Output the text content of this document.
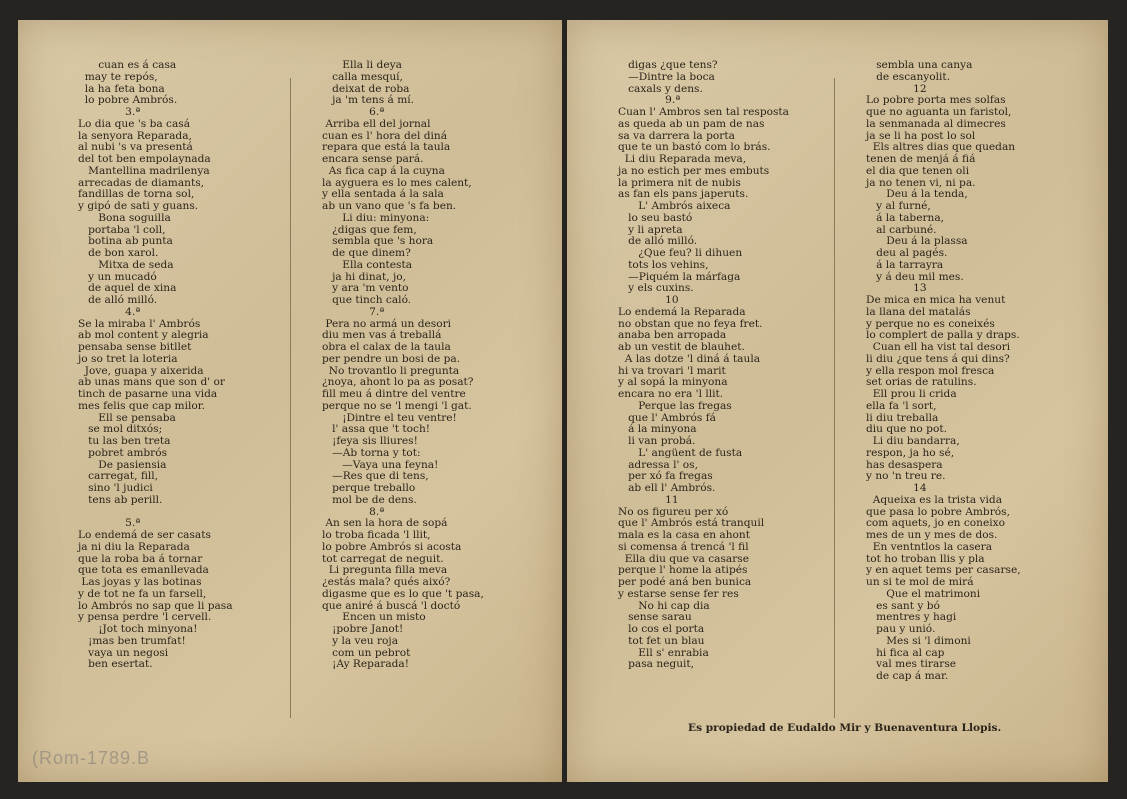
cuan es á casa
may te repós,
la ha feta bona
lo pobre Ambrós.
3.ª
Lo dia que 's ba casá
la senyora Reparada,
al nubi 's va presentá
del tot ben empolaynada
Mantellina madrilenya
arrecadas de diamants,
fandillas de torna sol,
y gipó de sati y guans.
Bona soguilla
portaba 'l coll,
botina ab punta
de bon xarol.
Mitxa de seda
y un mucadó
de aquel de xina
de alló milló.
4.ª
Se la miraba l' Ambrós
ab mol content y alegria
pensaba sense bitllet
jo so tret la loteria
Jove, guapa y aixerida
ab unas mans que son d' or
tinch de pasarne una vida
mes felis que cap milor.
Ell se pensaba
se mol ditxós;
tu las ben treta
pobret ambrós
De pasiensia
carregat, fill,
sino 'l judici
tens ab perill.
5.ª
Lo endemá de ser casats
ja ni diu la Reparada
que la roba ba á tornar
que tota es emanllevada
Las joyas y las botinas
y de tot ne fa un farsell,
lo Ambrós no sap que li pasa
y pensa perdre 'l cervell.
¡Jot toch minyona!
¡mas ben trumfat!
vaya un negosi
ben esertat.
Ella li deya
calla mesquí,
deixat de roba
ja 'm tens á mí.
6.ª
Arriba ell del jornal
cuan es l' hora del diná
repara que está la taula
encara sense pará.
As fica cap á la cuyna
la ayguera es lo mes calent,
y ella sentada á la sala
ab un vano que 's fa ben.
Li diu: minyona:
¿digas que fem,
sembla que 's hora
de que dinem?
Ella contesta
ja hi dinat, jo,
y ara 'm vento
que tinch caló.
7.ª
Pera no armá un desori
diu men vas á treballá
obra el calax de la taula
per pendre un bosi de pa.
No trovantlo li pregunta
¿noya, ahont lo pa as posat?
fill meu á dintre del ventre
perque no se 'l mengi 'l gat.
¡Dintre el teu ventre!
l' assa que 't toch!
¡feya sis lliures!
—Ab torna y tot:
—Vaya una feyna!
—Res que di tens,
perque treballo
mol be de dens.
8.ª
An sen la hora de sopá
lo troba ficada 'l llit,
lo pobre Ambrós si acosta
tot carregat de neguit.
Li pregunta filla meva
¿estás mala? qués aixó?
digasme que es lo que 't pasa,
que aniré á buscá 'l doctó
Encen un misto
¡pobre Janot!
y la veu roja
com un pebrot
¡Ay Reparada!
digas ¿que tens?
—Dintre la boca
caxals y dens.
9.ª
Cuan l' Ambros sen tal resposta
as queda ab un pam de nas
sa va darrera la porta
que te un bastó com lo brás.
Li diu Reparada meva,
ja no estich per mes embuts
la primera nit de nubis
as fan els pans japeruts.
L' Ambrós aixeca
lo seu bastó
y li apreta
de alló milló.
¿Que feu? li dihuen
tots los vehins,
—Piquém la márfaga
y els cuxins.
10
Lo endemá la Reparada
no obstan que no feya fret.
anaba ben arropada
ab un vestit de blauhet.
A las dotze 'l diná á taula
hi va trovari 'l marit
y al sopá la minyona
encara no era 'l llit.
Perque las fregas
que l' Ambrós fá
á la minyona
li van probá.
L' angüent de fusta
adressa l' os,
per xó fa fregas
ab ell l' Ambrós.
11
No os figureu per xó
que l' Ambrós está tranquil
mala es la casa en ahont
si comensa á trencá 'l fil
Ella diu que va casarse
perque l' home la atipés
per podé aná ben bunica
y estarse sense fer res
No hi cap dia
sense sarau
lo cos el porta
tot fet un blau
Ell s' enrabia
pasa neguit,
sembla una canya
de escanyolit.
12
Lo pobre porta mes solfas
que no aguanta un faristol,
la senmanada al dimecres
ja se li ha post lo sol
Els altres dias que quedan
tenen de menjá á fiá
el dia que tenen oli
ja no tenen vi, ni pa.
Deu á la tenda,
y al furné,
á la taberna,
al carbuné.
Deu á la plassa
deu al pagés.
á la tarrayra
y á deu mil mes.
13
De mica en mica ha venut
la llana del matalás
y perque no es coneixés
lo complert de palla y draps.
Cuan ell ha vist tal desori
li diu ¿que tens á qui dins?
y ella respon mol fresca
set orias de ratulins.
Ell prou li crida
ella fa 'l sort,
li diu treballa
diu que no pot.
Li diu bandarra,
respon, ja ho sé,
has desaspera
y no 'n treu re.
14
Aqueixa es la trista vida
que pasa lo pobre Ambrós,
com aquets, jo en coneixo
mes de un y mes de dos.
En ventntlos la casera
tot ho troban llis y pla
y en aquet tems per casarse,
un si te mol de mirá
Que el matrimoni
es sant y bó
mentres y hagi
pau y unió.
Mes si 'l dimoni
hi fica al cap
val mes tirarse
de cap á mar.
Es propiedad de Eudaldo Mir y Buenaventura Llopis.
(Rom-1789.B
